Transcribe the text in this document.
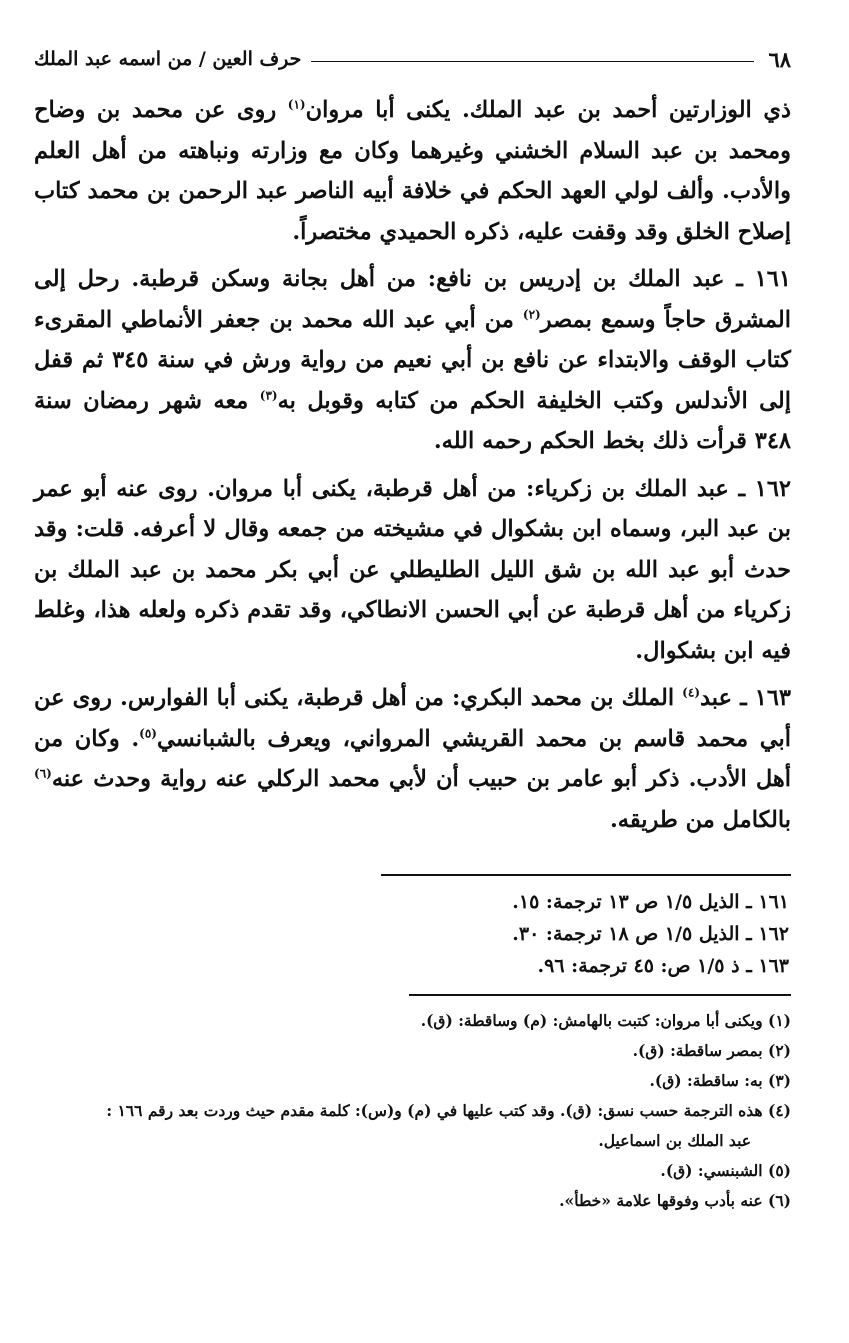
٦٨
حرف العين / من اسمه عبد الملك

ذي الوزارتين أحمد بن عبد الملك. يكنى أبا مروان$^{(١)}$ روى عن محمد بن وضاح ومحمد بن عبد السلام الخشني وغيرهما وكان مع وزارته ونباهته من أهل العلم والأدب. وألف لولي العهد الحكم في خلافة أبيه الناصر عبد الرحمن بن محمد كتاب إصلاح الخلق وقد وقفت عليه، ذكره الحميدي مختصراً.

١٦١ ـ عبد الملك بن إدريس بن نافع: من أهل بجانة وسكن قرطبة. رحل إلى المشرق حاجاً وسمع بمصر$^{(٢)}$ من أبي عبد الله محمد بن جعفر الأنماطي المقرىء كتاب الوقف والابتداء عن نافع بن أبي نعيم من رواية ورش في سنة ٣٤٥ ثم قفل إلى الأندلس وكتب الخليفة الحكم من كتابه وقوبل به$^{(٣)}$ معه شهر رمضان سنة ٣٤٨ قرأت ذلك بخط الحكم رحمه الله.

١٦٢ ـ عبد الملك بن زكرياء: من أهل قرطبة، يكنى أبا مروان. روى عنه أبو عمر بن عبد البر، وسماه ابن بشكوال في مشيخته من جمعه وقال لا أعرفه. قلت: وقد حدث أبو عبد الله بن شق الليل الطليطلي عن أبي بكر محمد بن عبد الملك بن زكرياء من أهل قرطبة عن أبي الحسن الانطاكي، وقد تقدم ذكره ولعله هذا، وغلط فيه ابن بشكوال.

١٦٣ ـ عبد$^{(٤)}$ الملك بن محمد البكري: من أهل قرطبة، يكنى أبا الفوارس. روى عن أبي محمد قاسم بن محمد القريشي المرواني، ويعرف بالشبانسي$^{(٥)}$. وكان من أهل الأدب. ذكر أبو عامر بن حبيب أن لأبي محمد الركلي عنه رواية وحدث عنه$^{(٦)}$ بالكامل من طريقه.

١٦١ ـ الذيل ١/٥ ص ١٣ ترجمة: ١٥.
١٦٢ ـ الذيل ١/٥ ص ١٨ ترجمة: ٣٠.
١٦٣ ـ ذ ١/٥ ص: ٤٥ ترجمة: ٩٦.
(١) ويكنى أبا مروان: كتبت بالهامش: (م) وساقطة: (ق).
(٢) بمصر ساقطة: (ق).
(٣) به: ساقطة: (ق).
(٤) هذه الترجمة حسب نسق: (ق). وقد كتب عليها في (م) و(س): كلمة مقدم حيث وردت بعد رقم ١٦٦ :
عبد الملك بن اسماعيل.
(٥) الشبنسي: (ق).
(٦) عنه بأدب وفوقها علامة «خطأ».
